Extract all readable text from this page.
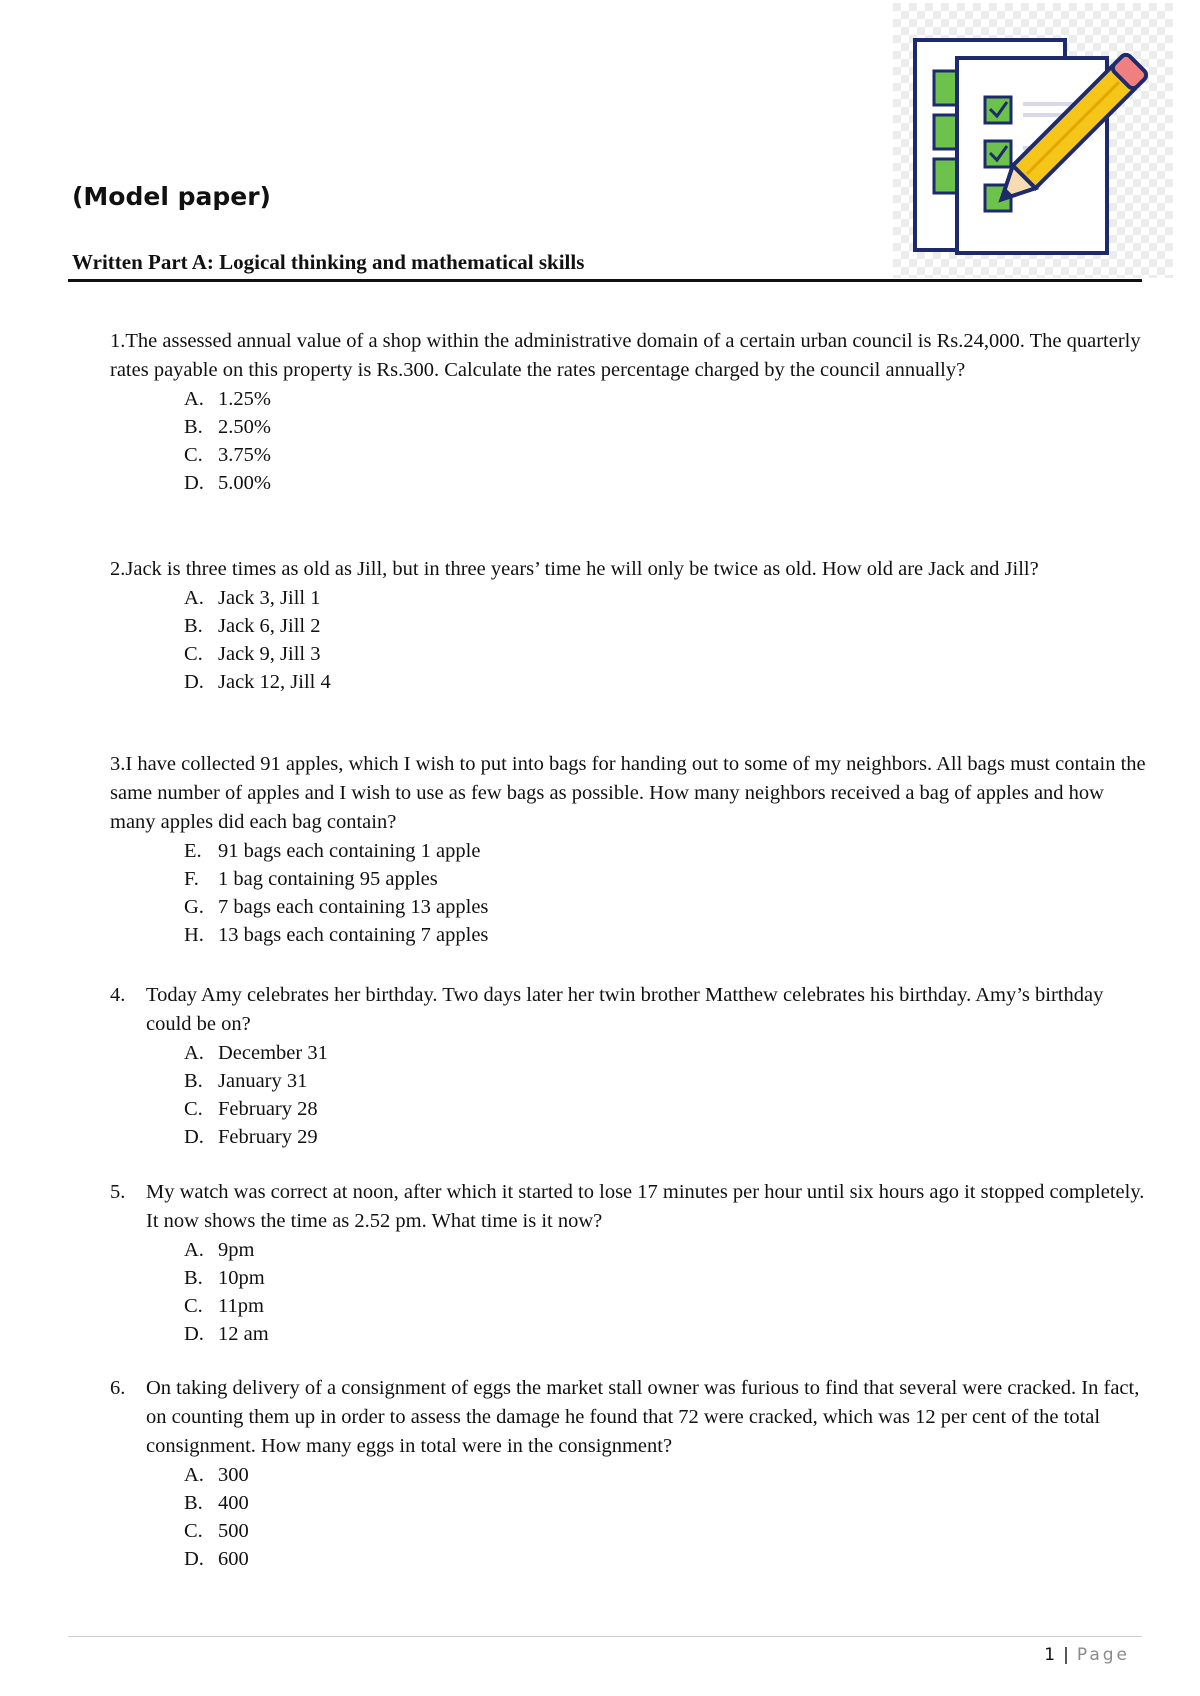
(Model paper)
Written Part A: Logical thinking and mathematical skills

1.The assessed annual value of a shop within the administrative domain of a certain urban council is Rs.24,000. The quarterly rates payable on this property is Rs.300. Calculate the rates percentage charged by the council annually?

A. 1.25%
B. 2.50%
C. 3.75%
D. 5.00%

2.Jack is three times as old as Jill, but in three years’ time he will only be twice as old. How old are Jack and Jill?

A. Jack 3, Jill 1
B. Jack 6, Jill 2
C. Jack 9, Jill 3
D. Jack 12, Jill 4

3.I have collected 91 apples, which I wish to put into bags for handing out to some of my neighbors. All bags must contain the same number of apples and I wish to use as few bags as possible. How many neighbors received a bag of apples and how many apples did each bag contain?

E. 91 bags each containing 1 apple
F. 1 bag containing 95 apples
G. 7 bags each containing 13 apples
H. 13 bags each containing 7 apples

4. Today Amy celebrates her birthday. Two days later her twin brother Matthew celebrates his birthday. Amy’s birthday could be on?

A. December 31
B. January 31
C. February 28
D. February 29

5. My watch was correct at noon, after which it started to lose 17 minutes per hour until six hours ago it stopped completely. It now shows the time as 2.52 pm. What time is it now?

A. 9pm
B. 10pm
C. 11pm
D. 12 am

6. On taking delivery of a consignment of eggs the market stall owner was furious to find that several were cracked. In fact, on counting them up in order to assess the damage he found that 72 were cracked, which was 12 per cent of the total consignment. How many eggs in total were in the consignment?

A. 300
B. 400
C. 500
D. 600
1 | Page
